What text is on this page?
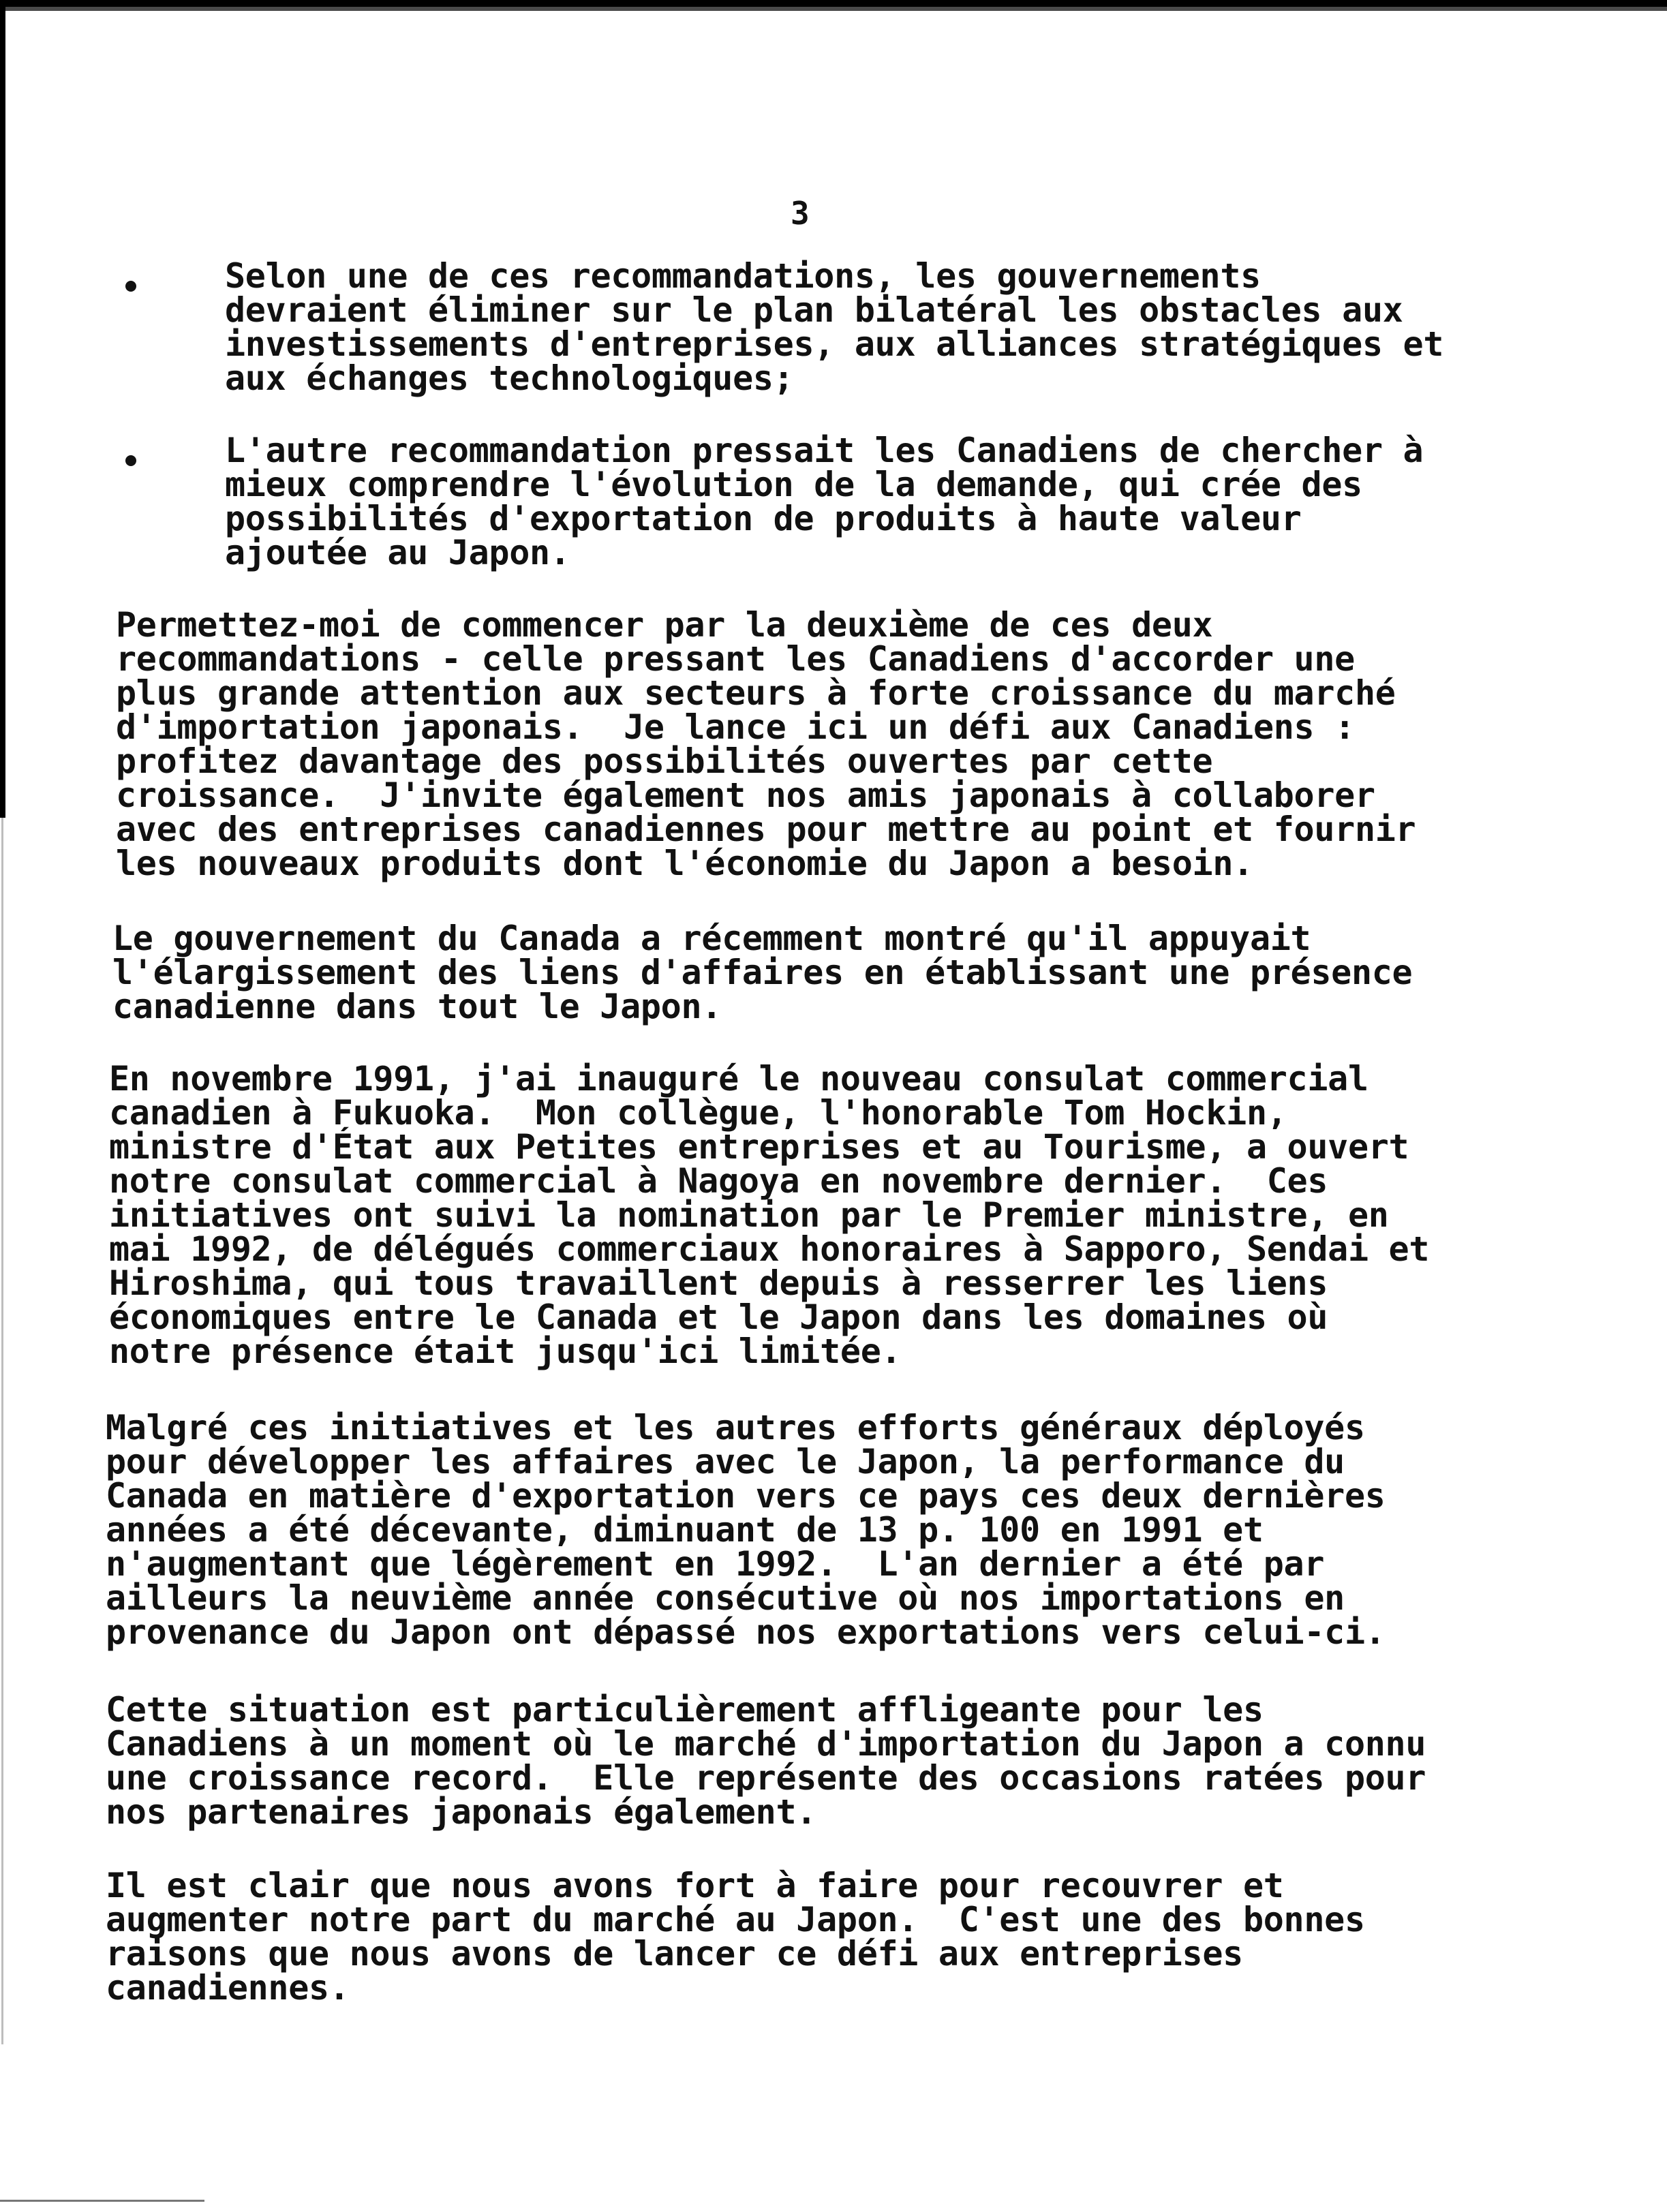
3
Selon une de ces recommandations, les gouvernements
devraient éliminer sur le plan bilatéral les obstacles aux
investissements d'entreprises, aux alliances stratégiques et
aux échanges technologiques;
L'autre recommandation pressait les Canadiens de chercher à
mieux comprendre l'évolution de la demande, qui crée des
possibilités d'exportation de produits à haute valeur
ajoutée au Japon.
Permettez-moi de commencer par la deuxième de ces deux
recommandations - celle pressant les Canadiens d'accorder une
plus grande attention aux secteurs à forte croissance du marché
d'importation japonais.  Je lance ici un défi aux Canadiens :
profitez davantage des possibilités ouvertes par cette
croissance.  J'invite également nos amis japonais à collaborer
avec des entreprises canadiennes pour mettre au point et fournir
les nouveaux produits dont l'économie du Japon a besoin.
Le gouvernement du Canada a récemment montré qu'il appuyait
l'élargissement des liens d'affaires en établissant une présence
canadienne dans tout le Japon.
En novembre 1991, j'ai inauguré le nouveau consulat commercial
canadien à Fukuoka.  Mon collègue, l'honorable Tom Hockin,
ministre d'État aux Petites entreprises et au Tourisme, a ouvert
notre consulat commercial à Nagoya en novembre dernier.  Ces
initiatives ont suivi la nomination par le Premier ministre, en
mai 1992, de délégués commerciaux honoraires à Sapporo, Sendai et
Hiroshima, qui tous travaillent depuis à resserrer les liens
économiques entre le Canada et le Japon dans les domaines où
notre présence était jusqu'ici limitée.
Malgré ces initiatives et les autres efforts généraux déployés
pour développer les affaires avec le Japon, la performance du
Canada en matière d'exportation vers ce pays ces deux dernières
années a été décevante, diminuant de 13 p. 100 en 1991 et
n'augmentant que légèrement en 1992.  L'an dernier a été par
ailleurs la neuvième année consécutive où nos importations en
provenance du Japon ont dépassé nos exportations vers celui-ci.
Cette situation est particulièrement affligeante pour les
Canadiens à un moment où le marché d'importation du Japon a connu
une croissance record.  Elle représente des occasions ratées pour
nos partenaires japonais également.
Il est clair que nous avons fort à faire pour recouvrer et
augmenter notre part du marché au Japon.  C'est une des bonnes
raisons que nous avons de lancer ce défi aux entreprises
canadiennes.
